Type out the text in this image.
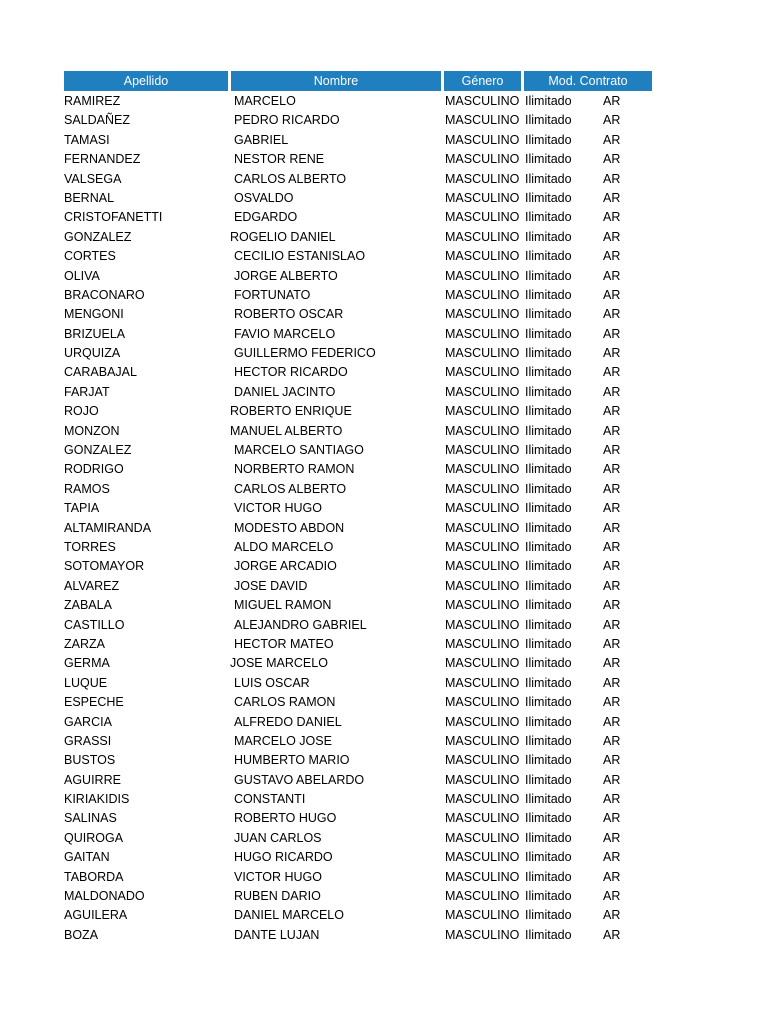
Apellido	Nombre	Género	Mod. Contrato
RAMIREZ	MARCELO	MASCULINO Ilimitado	AR
SALDAÑEZ	PEDRO RICARDO	MASCULINO Ilimitado	AR
TAMASI	GABRIEL	MASCULINO Ilimitado	AR
FERNANDEZ	NESTOR RENE	MASCULINO Ilimitado	AR
VALSEGA	CARLOS ALBERTO	MASCULINO Ilimitado	AR
BERNAL	OSVALDO	MASCULINO Ilimitado	AR
CRISTOFANETTI	EDGARDO	MASCULINO Ilimitado	AR
GONZALEZ	ROGELIO DANIEL	MASCULINO Ilimitado	AR
CORTES	CECILIO ESTANISLAO	MASCULINO Ilimitado	AR
OLIVA	JORGE ALBERTO	MASCULINO Ilimitado	AR
BRACONARO	FORTUNATO	MASCULINO Ilimitado	AR
MENGONI	ROBERTO OSCAR	MASCULINO Ilimitado	AR
BRIZUELA	FAVIO MARCELO	MASCULINO Ilimitado	AR
URQUIZA	GUILLERMO FEDERICO	MASCULINO Ilimitado	AR
CARABAJAL	HECTOR RICARDO	MASCULINO Ilimitado	AR
FARJAT	DANIEL JACINTO	MASCULINO Ilimitado	AR
ROJO	ROBERTO ENRIQUE	MASCULINO Ilimitado	AR
MONZON	MANUEL ALBERTO	MASCULINO Ilimitado	AR
GONZALEZ	MARCELO SANTIAGO	MASCULINO Ilimitado	AR
RODRIGO	NORBERTO RAMON	MASCULINO Ilimitado	AR
RAMOS	CARLOS ALBERTO	MASCULINO Ilimitado	AR
TAPIA	VICTOR HUGO	MASCULINO Ilimitado	AR
ALTAMIRANDA	MODESTO ABDON	MASCULINO Ilimitado	AR
TORRES	ALDO MARCELO	MASCULINO Ilimitado	AR
SOTOMAYOR	JORGE ARCADIO	MASCULINO Ilimitado	AR
ALVAREZ	JOSE DAVID	MASCULINO Ilimitado	AR
ZABALA	MIGUEL RAMON	MASCULINO Ilimitado	AR
CASTILLO	ALEJANDRO GABRIEL	MASCULINO Ilimitado	AR
ZARZA	HECTOR MATEO	MASCULINO Ilimitado	AR
GERMA	JOSE MARCELO	MASCULINO Ilimitado	AR
LUQUE	LUIS OSCAR	MASCULINO Ilimitado	AR
ESPECHE	CARLOS RAMON	MASCULINO Ilimitado	AR
GARCIA	ALFREDO DANIEL	MASCULINO Ilimitado	AR
GRASSI	MARCELO JOSE	MASCULINO Ilimitado	AR
BUSTOS	HUMBERTO MARIO	MASCULINO Ilimitado	AR
AGUIRRE	GUSTAVO ABELARDO	MASCULINO Ilimitado	AR
KIRIAKIDIS	CONSTANTI	MASCULINO Ilimitado	AR
SALINAS	ROBERTO HUGO	MASCULINO Ilimitado	AR
QUIROGA	JUAN CARLOS	MASCULINO Ilimitado	AR
GAITAN	HUGO RICARDO	MASCULINO Ilimitado	AR
TABORDA	VICTOR HUGO	MASCULINO Ilimitado	AR
MALDONADO	RUBEN DARIO	MASCULINO Ilimitado	AR
AGUILERA	DANIEL MARCELO	MASCULINO Ilimitado	AR
BOZA	DANTE LUJAN	MASCULINO Ilimitado	AR
